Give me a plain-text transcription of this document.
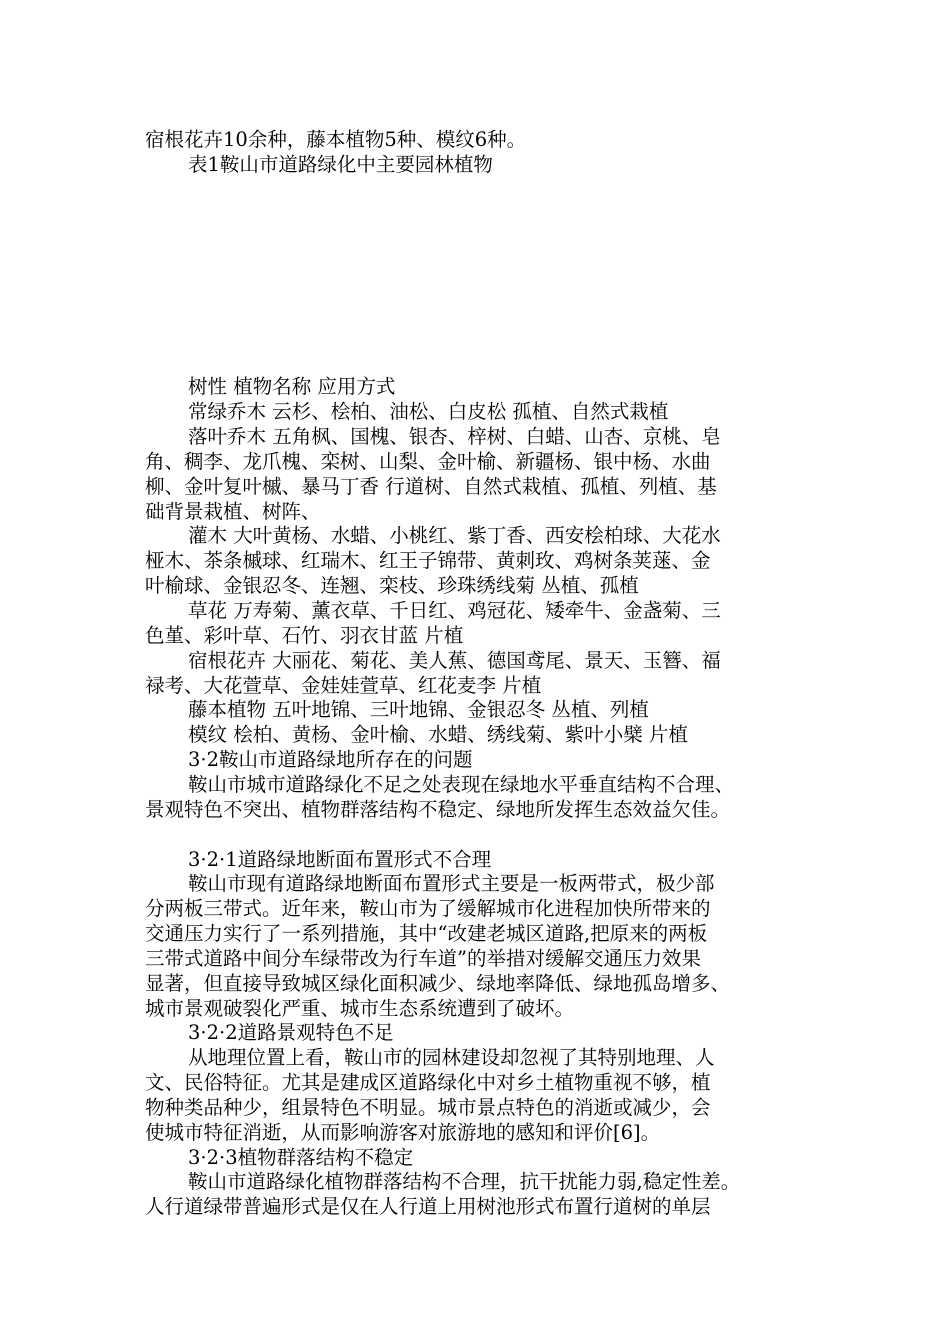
宿根花卉10余种，藤本植物5种、模纹6种。

表1鞍山市道路绿化中主要园林植物

树性 植物名称 应用方式

常绿乔木 云杉、桧柏、油松、白皮松 孤植、自然式栽植

落叶乔木 五角枫、国槐、银杏、梓树、白蜡、山杏、京桃、皂

角、稠李、龙爪槐、栾树、山梨、金叶榆、新疆杨、银中杨、水曲

柳、金叶复叶槭、暴马丁香 行道树、自然式栽植、孤植、列植、基

础背景栽植、树阵、

灌木 大叶黄杨、水蜡、小桃红、紫丁香、西安桧柏球、大花水

桠木、茶条槭球、红瑞木、红王子锦带、黄刺玫、鸡树条荚蒾、金

叶榆球、金银忍冬、连翘、栾枝、珍珠绣线菊 丛植、孤植

草花 万寿菊、薰衣草、千日红、鸡冠花、矮牵牛、金盏菊、三

色堇、彩叶草、石竹、羽衣甘蓝 片植

宿根花卉 大丽花、菊花、美人蕉、德国鸢尾、景天、玉簪、福

禄考、大花萱草、金娃娃萱草、红花麦李 片植

藤本植物 五叶地锦、三叶地锦、金银忍冬 丛植、列植

模纹 桧柏、黄杨、金叶榆、水蜡、绣线菊、紫叶小檗 片植

3·2鞍山市道路绿地所存在的问题

鞍山市城市道路绿化不足之处表现在绿地水平垂直结构不合理、

景观特色不突出、植物群落结构不稳定、绿地所发挥生态效益欠佳。

3·2·1道路绿地断面布置形式不合理

鞍山市现有道路绿地断面布置形式主要是一板两带式，极少部

分两板三带式。近年来，鞍山市为了缓解城市化进程加快所带来的

交通压力实行了一系列措施，其中“改建老城区道路,把原来的两板

三带式道路中间分车绿带改为行车道”的举措对缓解交通压力效果

显著，但直接导致城区绿化面积减少、绿地率降低、绿地孤岛增多、

城市景观破裂化严重、城市生态系统遭到了破坏。

3·2·2道路景观特色不足

从地理位置上看，鞍山市的园林建设却忽视了其特别地理、人

文、民俗特征。尤其是建成区道路绿化中对乡土植物重视不够，植

物种类品种少，组景特色不明显。城市景点特色的消逝或减少，会

使城市特征消逝，从而影响游客对旅游地的感知和评价[6]。

3·2·3植物群落结构不稳定

鞍山市道路绿化植物群落结构不合理，抗干扰能力弱,稳定性差。

人行道绿带普遍形式是仅在人行道上用树池形式布置行道树的单层
